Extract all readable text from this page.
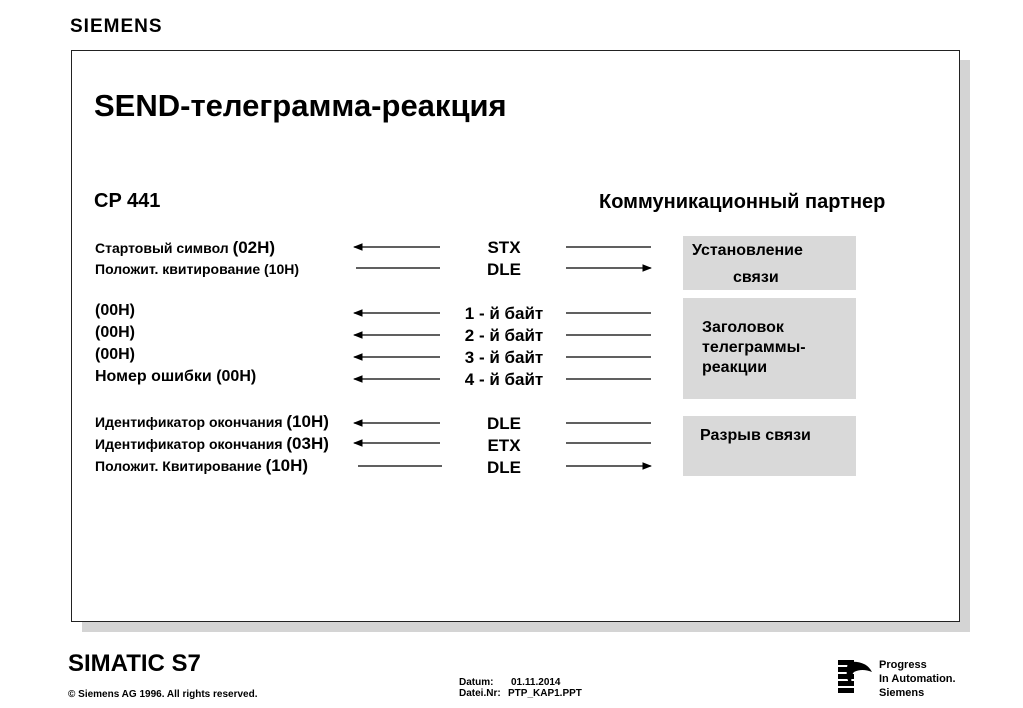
SIEMENS
SEND-телеграмма-реакция
CP 441	Коммуникационный партнер
Стартовый символ (02H)
Положит. квитирование (10H)
(00H)
(00H)
(00H)
Номер ошибки (00H)
Идентификатор окончания (10H)
Идентификатор окончания (03H)
Положит. Квитирование (10H)
STX
DLE
1 - й байт
2 - й байт
3 - й байт
4 - й байт
DLE
ETX
DLE
Установление
связи
Заголовок
телеграммы-
реакции
Разрыв связи
SIMATIC S7
© Siemens AG 1996. All rights reserved.
Datum: 01.11.2014
Datei.Nr: PTP_KAP1.PPT
Progress
In Automation.
Siemens
